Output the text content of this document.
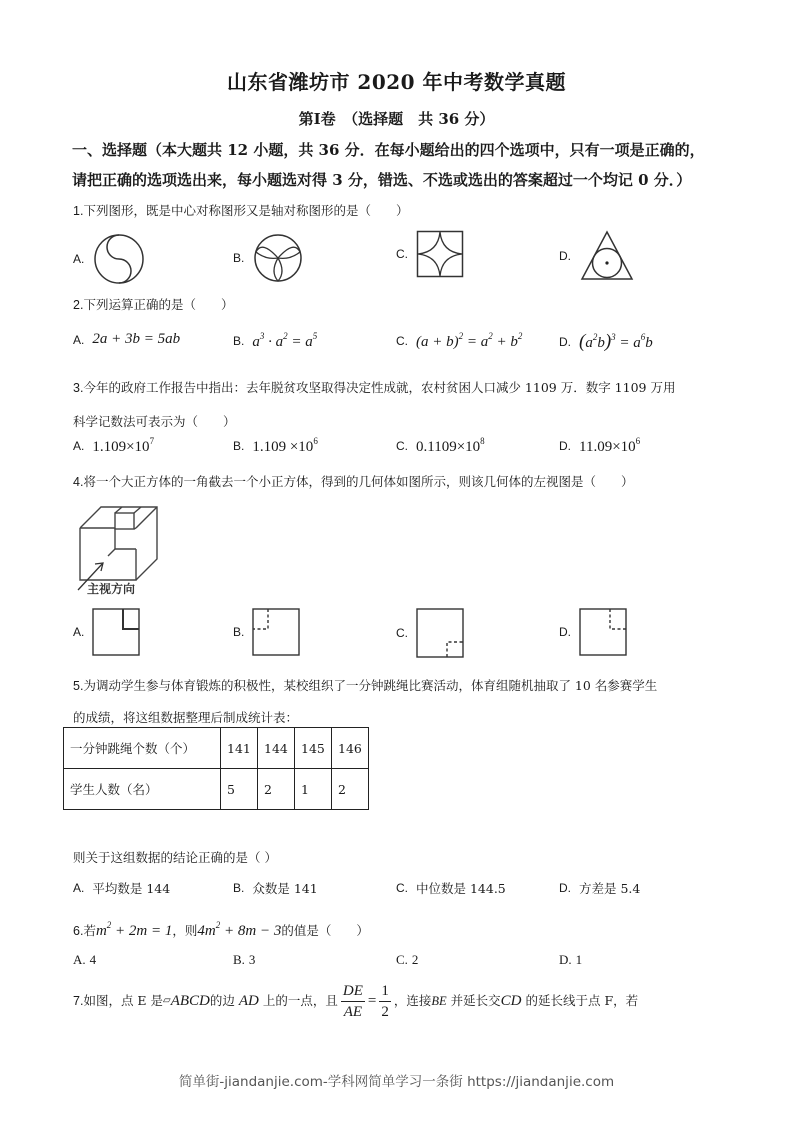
山东省潍坊市 2020 年中考数学真题
第Ⅰ卷　（选择题　共 36 分）
一、选择题（本大题共 12 小题，共 36 分．在每小题给出的四个选项中，只有一项是正确的，
请把正确的选项选出来，每小题选对得 3 分，错选、不选或选出的答案超过一个均记 0 分．）
1.下列图形，既是中心对称图形又是轴对称图形的是（　　）
A.	B.	C.	D.
2.下列运算正确的是（　　）
A. 2a + 3b = 5ab	B. $a^3 \cdot a^2 = a^5$	C. $(a + b)^2 = a^2 + b^2$	D. $(a^2b)^3 = a^6b$
3.今年的政府工作报告中指出：去年脱贫攻坚取得决定性成就，农村贫困人口减少 1109 万．数字 1109 万用
科学记数法可表示为（　　）
A. $1.109\times 10^7$	B. $1.109 \times 10^6$	C. $0.1109\times 10^8$	D. $11.09\times 10^6$
4.将一个大正方体的一角截去一个小正方体，得到的几何体如图所示，则该几何体的左视图是（　　）
主视方向
A.	B.	C.	D.
5.为调动学生参与体育锻炼的积极性，某校组织了一分钟跳绳比赛活动，体育组随机抽取了 10 名参赛学生
的成绩，将这组数据整理后制成统计表：
一分钟跳绳个数（个）	141	144	145	146
学生人数（名）	5	2	1	2
则关于这组数据的结论正确的是（ ）
A. 平均数是 144	B. 众数是 141	C. 中位数是 144.5	D. 方差是 5.4
6.若$m^2 + 2m = 1$，则$4m^2 + 8m - 3$的值是（　　）
A.
4	B.
3	C.
2	D.
1
7. 如图，点 E 是 ▱ ABCD 的边
AD
上的一点，且 $\frac{DE}{AE} = \frac{1}{2}$ ，连接 BE
并延长交 CD
的延长线于点 F，若
简单街-jiandanjie.com-学科网简单学习一条街 https://jiandanjie.com
